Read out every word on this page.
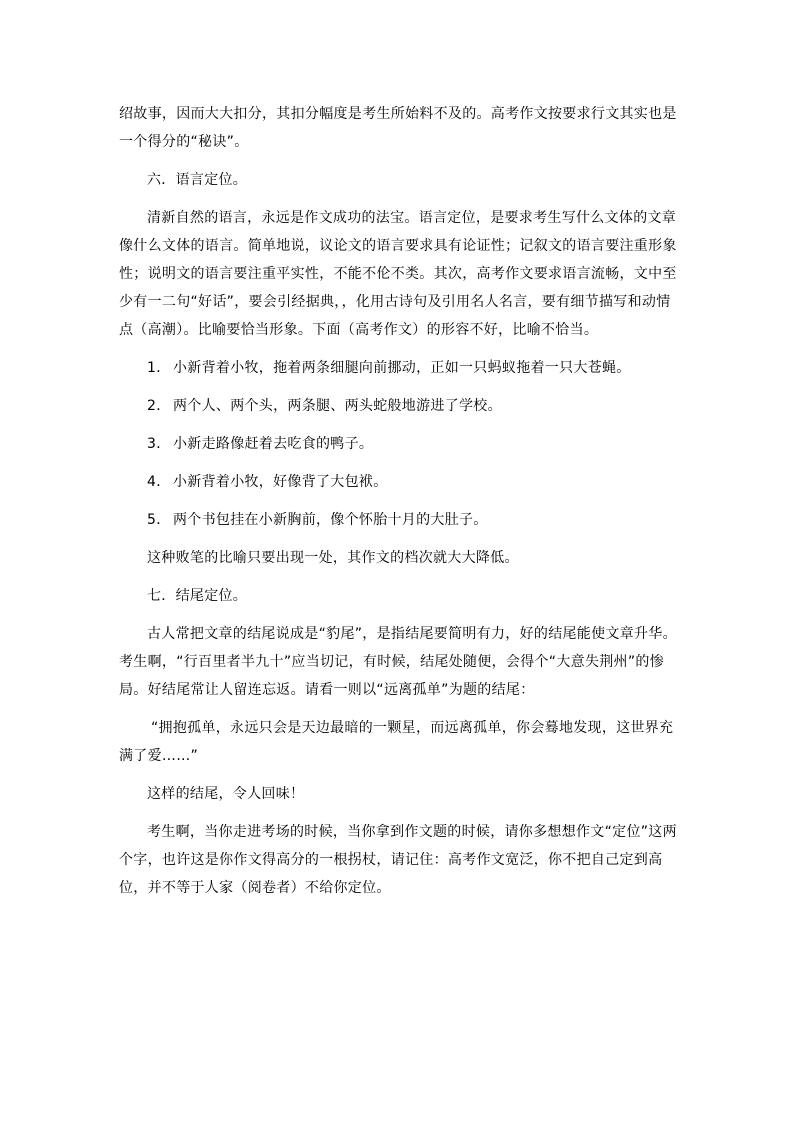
绍故事，因而大大扣分，其扣分幅度是考生所始料不及的。高考作文按要求行文其实也是一个得分的“秘诀”。

六．语言定位。

清新自然的语言，永远是作文成功的法宝。语言定位，是要求考生写什么文体的文章像什么文体的语言。简单地说，议论文的语言要求具有论证性；记叙文的语言要注重形象性；说明文的语言要注重平实性，不能不伦不类。其次，高考作文要求语言流畅，文中至少有一二句“好话”，要会引经据典，，化用古诗句及引用名人名言，要有细节描写和动情点（高潮）。比喻要恰当形象。下面（高考作文）的形容不好，比喻不恰当。

1． 小新背着小牧，拖着两条细腿向前挪动，正如一只蚂蚁拖着一只大苍蝇。

2． 两个人、两个头，两条腿、两头蛇般地游进了学校。

3． 小新走路像赶着去吃食的鸭子。

4． 小新背着小牧，好像背了大包袱。

5． 两个书包挂在小新胸前，像个怀胎十月的大肚子。

这种败笔的比喻只要出现一处，其作文的档次就大大降低。

七．结尾定位。

古人常把文章的结尾说成是“豹尾”，是指结尾要简明有力，好的结尾能使文章升华。考生啊，“行百里者半九十”应当切记，有时候，结尾处随便，会得个“大意失荆州”的惨局。好结尾常让人留连忘返。请看一则以“远离孤单”为题的结尾：

“拥抱孤单，永远只会是天边最暗的一颗星，而远离孤单，你会蓦地发现，这世界充满了爱……”

这样的结尾，令人回味！

考生啊，当你走进考场的时候，当你拿到作文题的时候，请你多想想作文“定位”这两个字，也许这是你作文得高分的一根拐杖，请记住：高考作文宽泛，你不把自己定到高位，并不等于人家（阅卷者）不给你定位。
